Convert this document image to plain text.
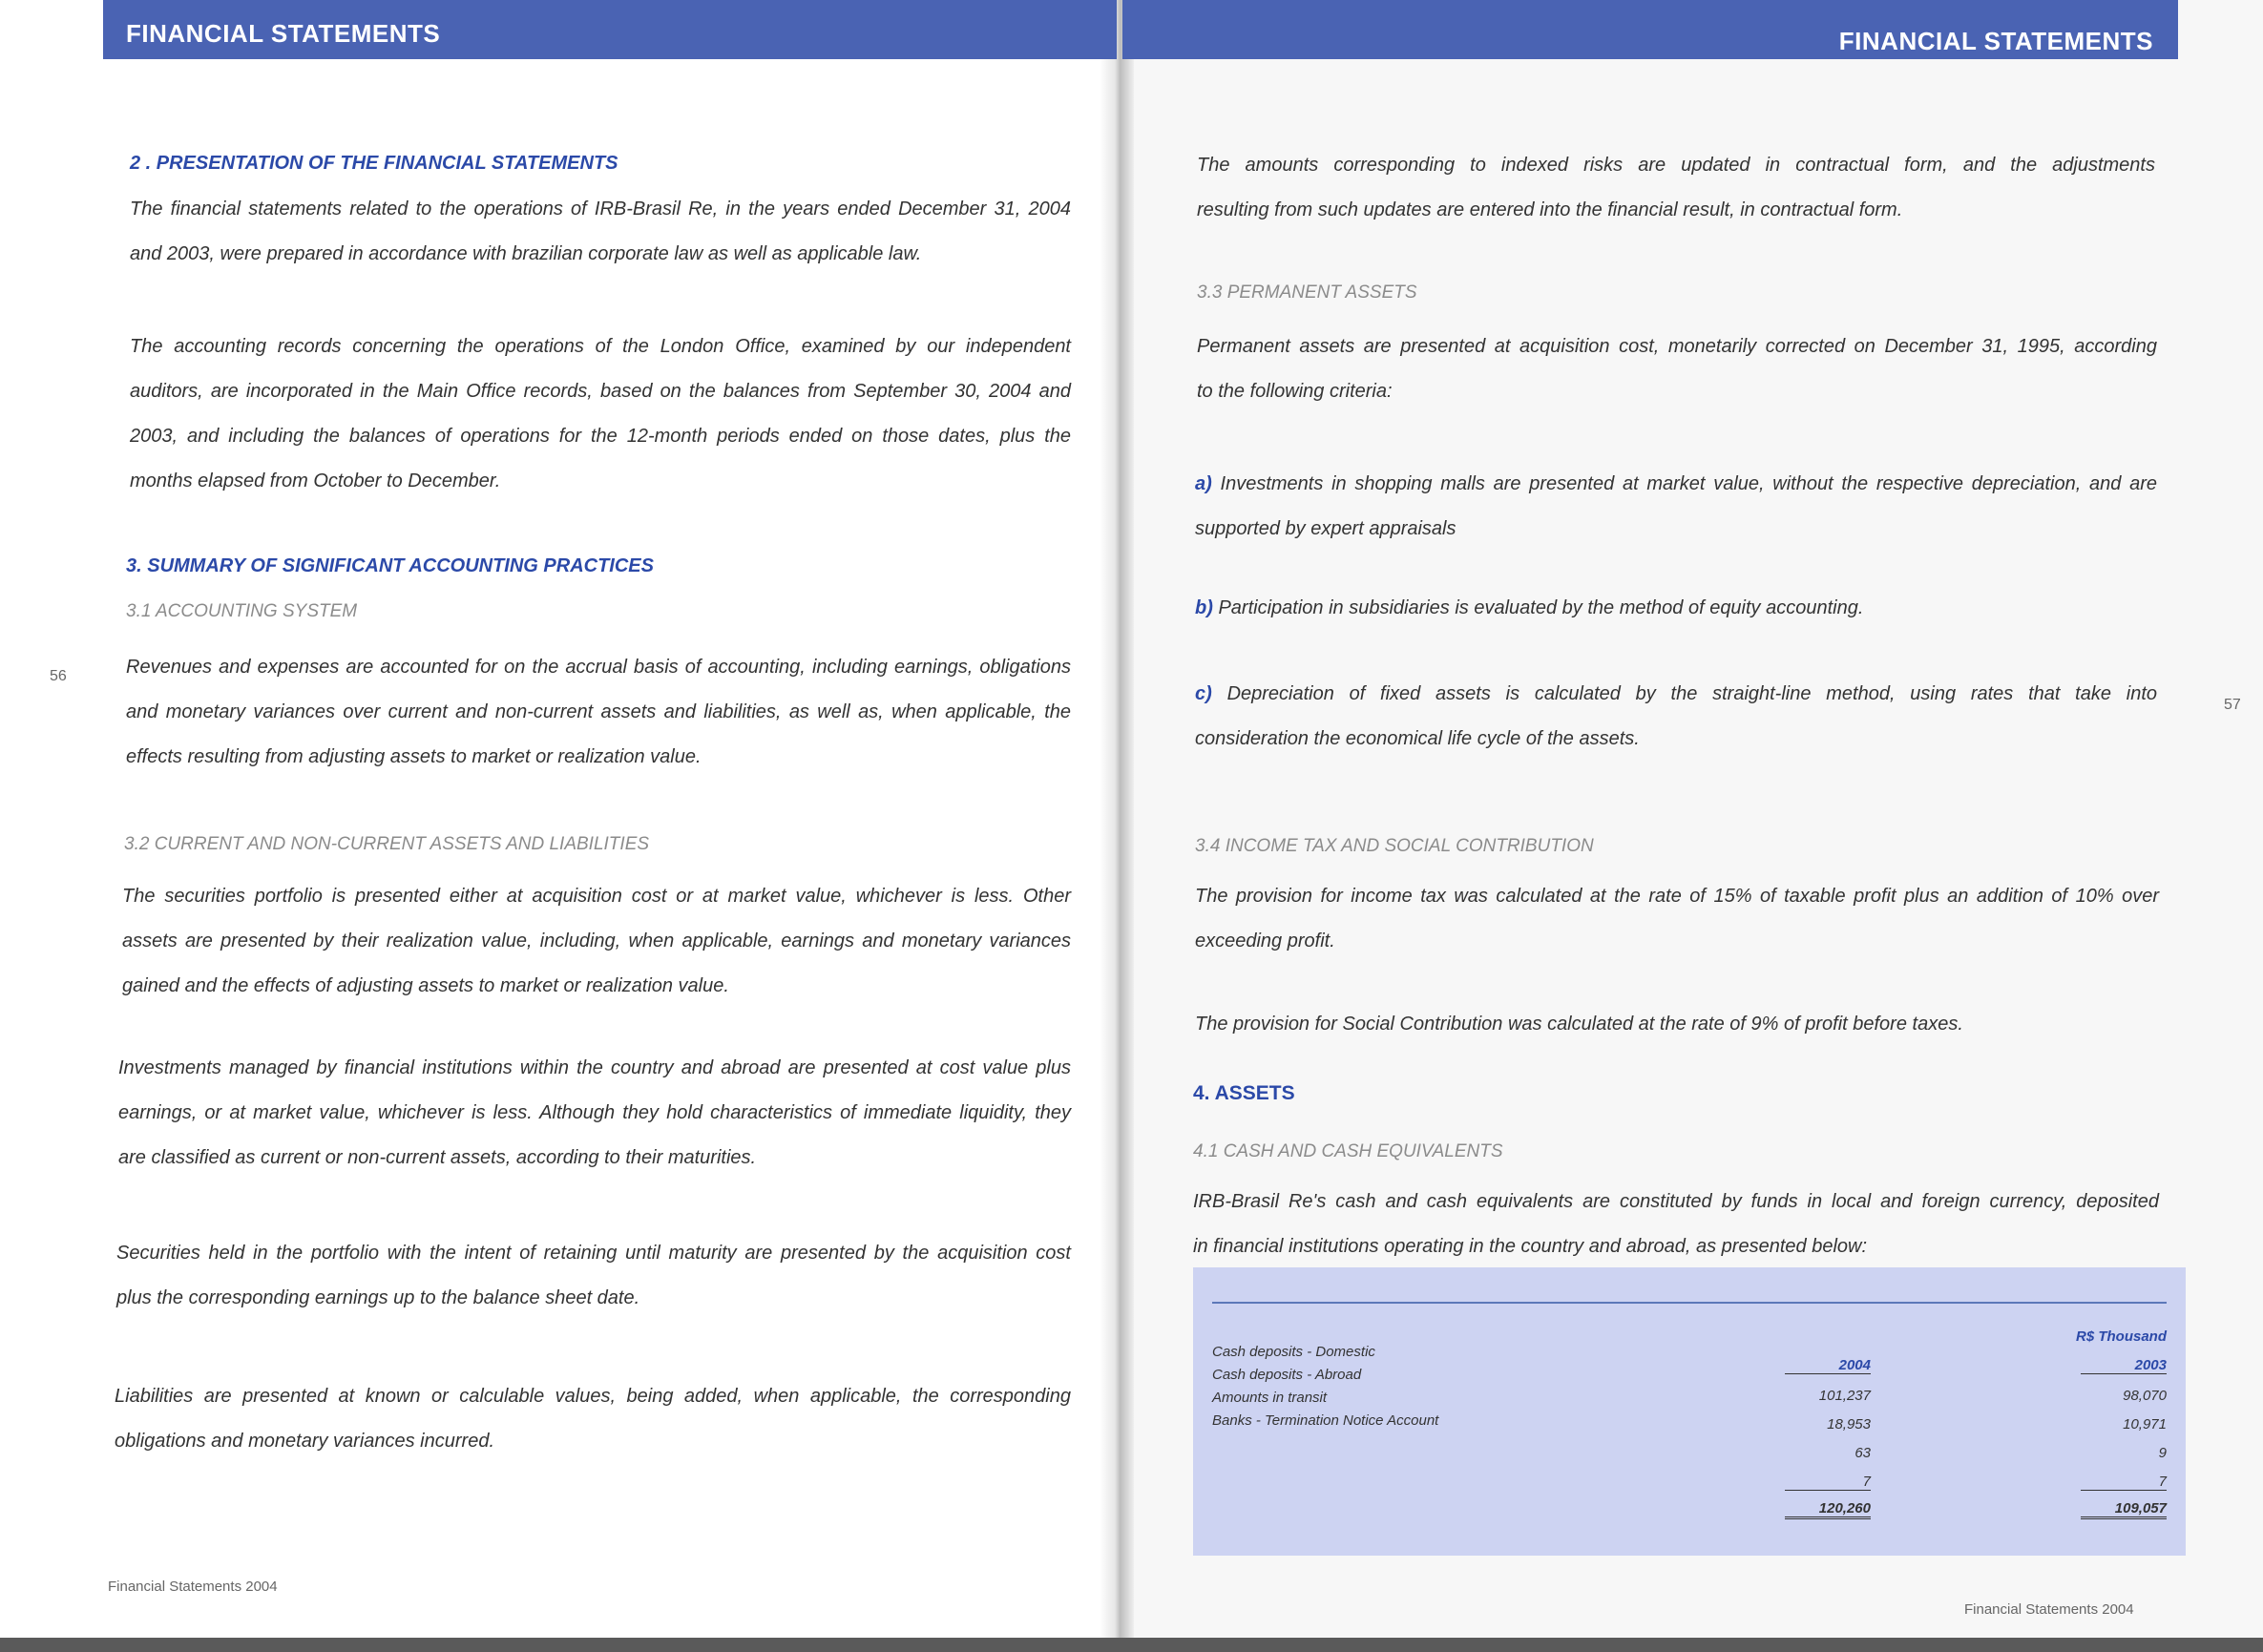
FINANCIAL STATEMENTS	FINANCIAL STATEMENTS
2 . PRESENTATION OF THE FINANCIAL STATEMENTS
The financial statements related to the operations of IRB-Brasil Re, in the years ended December 31, 2004
and 2003, were prepared in accordance with brazilian corporate law as well as applicable law.
The accounting records concerning the operations of the London Office, examined by our independent
auditors, are incorporated in the Main Office records, based on the balances from September 30, 2004 and
2003, and including the balances of operations for the 12-month periods ended on those dates, plus the
months elapsed from October to December.
3. SUMMARY OF SIGNIFICANT ACCOUNTING PRACTICES
3.1 ACCOUNTING SYSTEM
Revenues and expenses are accounted for on the accrual basis of accounting, including earnings, obligations
and monetary variances over current and non-current assets and liabilities, as well as, when applicable, the
effects resulting from adjusting assets to market or realization value.
3.2 CURRENT AND NON-CURRENT ASSETS AND LIABILITIES
The securities portfolio is presented either at acquisition cost or at market value, whichever is less. Other
assets are presented by their realization value, including, when applicable, earnings and monetary variances
gained and the effects of adjusting assets to market or realization value.
Investments managed by financial institutions within the country and abroad are presented at cost value plus
earnings, or at market value, whichever is less. Although they hold characteristics of immediate liquidity, they
are classified as current or non-current assets, according to their maturities.
Securities held in the portfolio with the intent of retaining until maturity are presented by the acquisition cost
plus the corresponding earnings up to the balance sheet date.
Liabilities are presented at known or calculable values, being added, when applicable, the corresponding
obligations and monetary variances incurred.
56
Financial Statements 2004
The amounts corresponding to indexed risks are updated in contractual form, and the adjustments
resulting from such updates are entered into the financial result, in contractual form.
3.3 PERMANENT ASSETS
Permanent assets are presented at acquisition cost, monetarily corrected on December 31, 1995, according
to the following criteria:
a) Investments in shopping malls are presented at market value, without the respective depreciation, and are
supported by expert appraisals
b) Participation in subsidiaries is evaluated by the method of equity accounting.
c) Depreciation of fixed assets is calculated by the straight-line method, using rates that take into
consideration the economical life cycle of the assets.
3.4 INCOME TAX AND SOCIAL CONTRIBUTION
The provision for income tax was calculated at the rate of 15% of taxable profit plus an addition of 10% over
exceeding profit.
The provision for Social Contribution was calculated at the rate of 9% of profit before taxes.
4. ASSETS
4.1 CASH AND CASH EQUIVALENTS
IRB-Brasil Re's cash and cash equivalents are constituted by funds in local and foreign currency, deposited
in financial institutions operating in the country and abroad, as presented below:
R$ Thousand
2004	2003
Cash deposits - Domestic
Cash deposits - Abroad
Amounts in transit
Banks - Termination Notice Account
101,237
18,953
63
7
120,260
98,070
10,971
9
7
109,057
57
Financial Statements 2004
